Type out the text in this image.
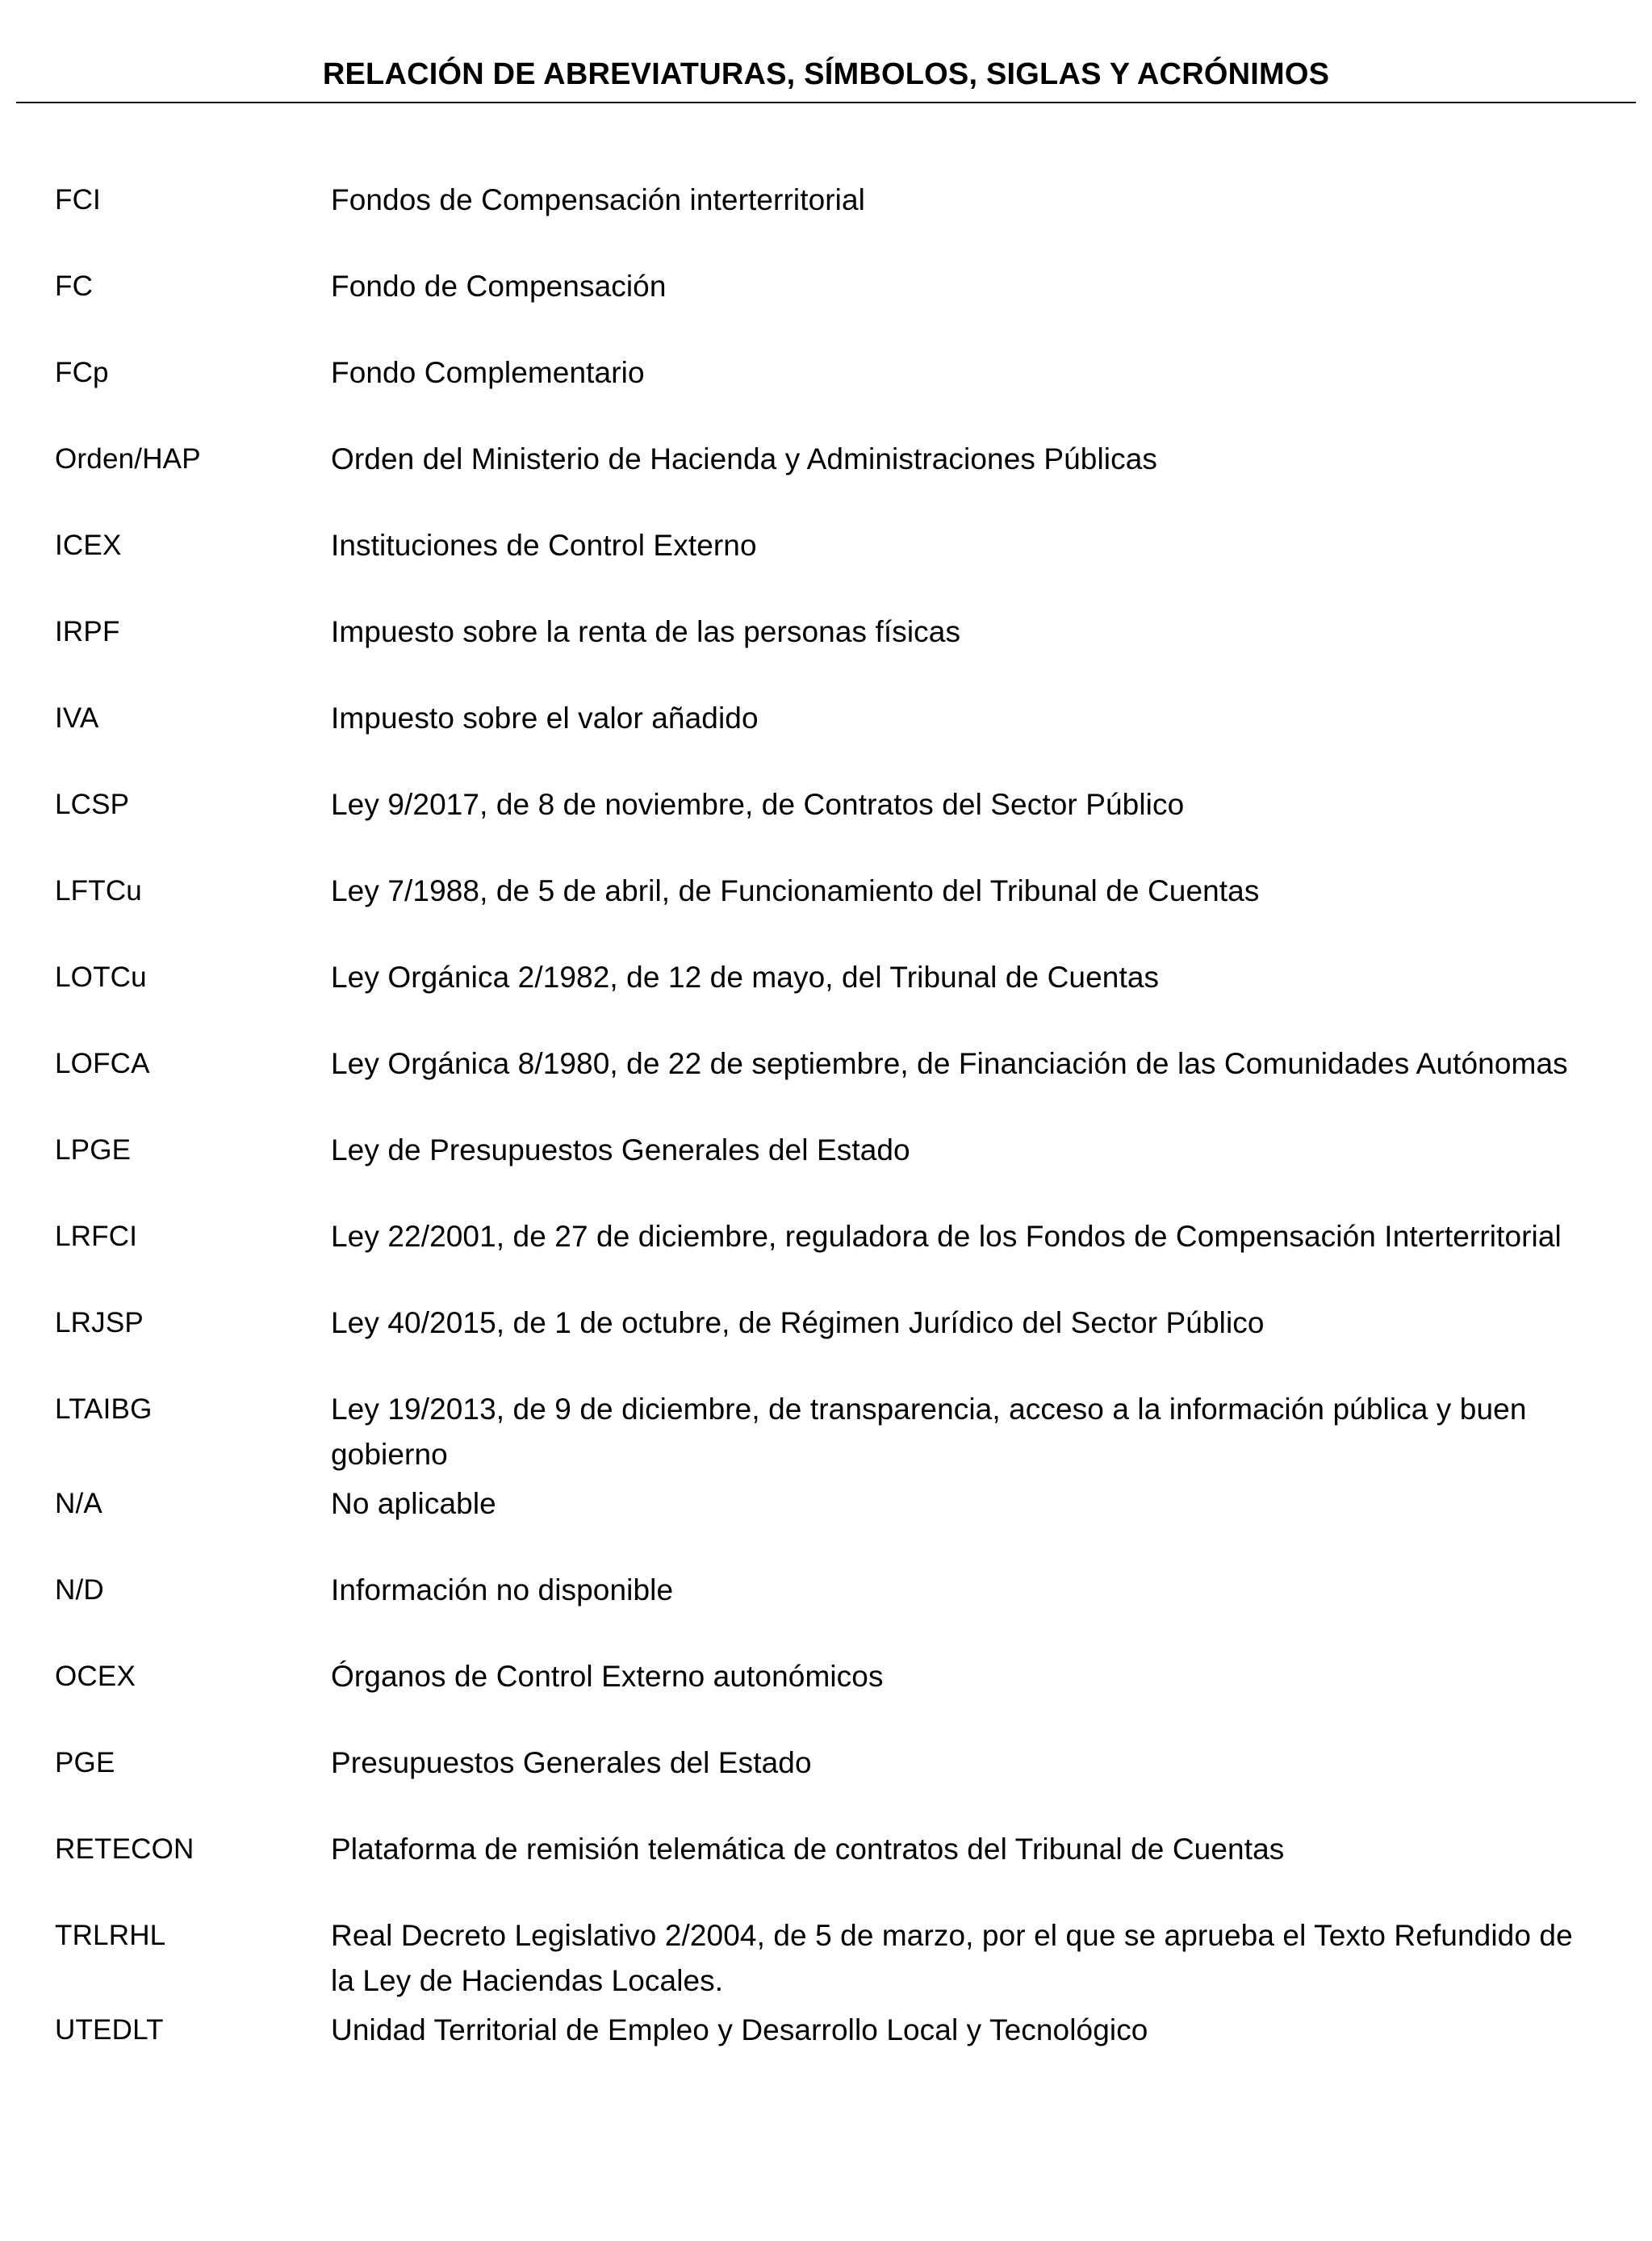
RELACIÓN DE ABREVIATURAS, SÍMBOLOS, SIGLAS Y ACRÓNIMOS
FCI	Fondos de Compensación interterritorial
FC	Fondo de Compensación
FCp	Fondo Complementario
Orden/HAP	Orden del Ministerio de Hacienda y Administraciones Públicas
ICEX	Instituciones de Control Externo
IRPF	Impuesto sobre la renta de las personas físicas
IVA	Impuesto sobre el valor añadido
LCSP	Ley 9/2017, de 8 de noviembre, de Contratos del Sector Público
LFTCu	Ley 7/1988, de 5 de abril, de Funcionamiento del Tribunal de Cuentas
LOTCu	Ley Orgánica 2/1982, de 12 de mayo, del Tribunal de Cuentas
LOFCA	Ley Orgánica 8/1980, de 22 de septiembre, de Financiación de las Comunidades Autónomas
LPGE	Ley de Presupuestos Generales del Estado
LRFCI	Ley 22/2001, de 27 de diciembre, reguladora de los Fondos de Compensación Interterritorial
LRJSP	Ley 40/2015, de 1 de octubre, de Régimen Jurídico del Sector Público
LTAIBG	Ley 19/2013, de 9 de diciembre, de transparencia, acceso a la información pública y buen gobierno
N/A	No aplicable
N/D	Información no disponible
OCEX	Órganos de Control Externo autonómicos
PGE	Presupuestos Generales del Estado
RETECON	Plataforma de remisión telemática de contratos del Tribunal de Cuentas
TRLRHL	Real Decreto Legislativo 2/2004, de 5 de marzo, por el que se aprueba el Texto Refundido de la Ley de Haciendas Locales.
UTEDLT	Unidad Territorial de Empleo y Desarrollo Local y Tecnológico
